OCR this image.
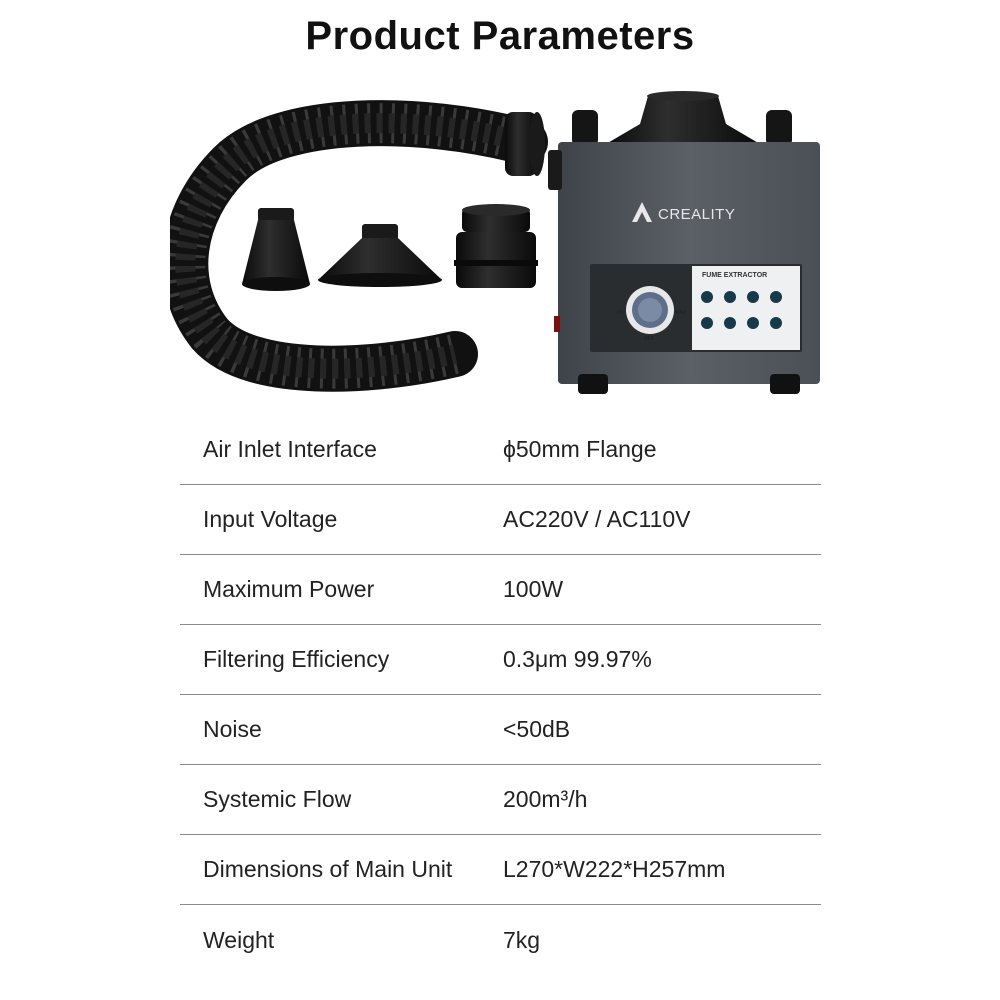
Product Parameters
CREALITY
FUME EXTRACTOR
ON	MAX
OFF
Air Inlet Interface	ϕ50mm Flange
Input Voltage	AC220V / AC110V
Maximum Power	100W
Filtering Efficiency	0.3μm 99.97%
Noise	<50dB
Systemic Flow	200m³/h
Dimensions of Main Unit	L270*W222*H257mm
Weight	7kg
